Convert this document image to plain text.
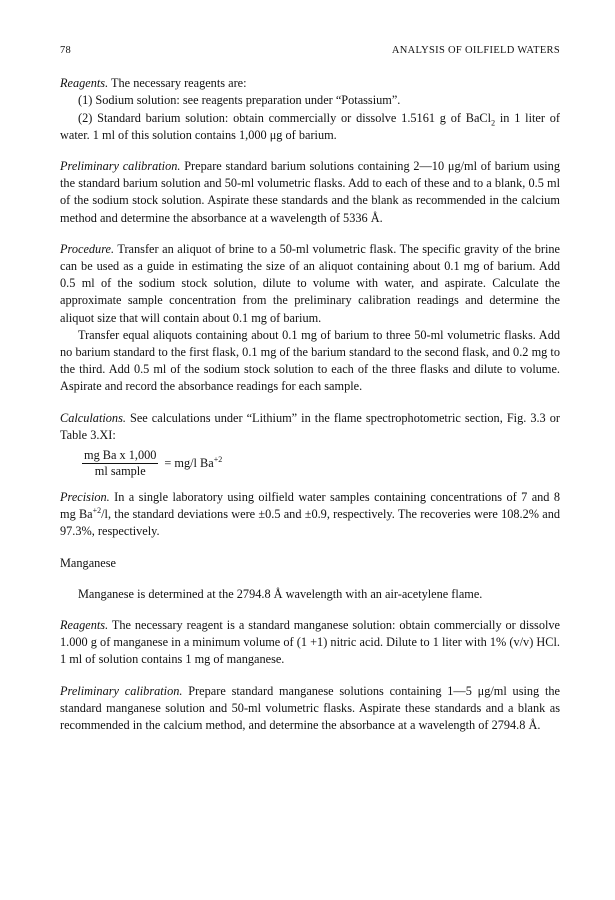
78	ANALYSIS OF OILFIELD WATERS

Reagents. The necessary reagents are:

(1) Sodium solution: see reagents preparation under “Potassium”.

(2) Standard barium solution: obtain commercially or dissolve 1.5161 g of BaCl$_2$ in 1 liter of water. 1 ml of this solution contains 1,000 μg of barium.

Preliminary calibration. Prepare standard barium solutions containing 2—10 μg/ml of barium using the standard barium solution and 50-ml volumetric flasks. Add to each of these and to a blank, 0.5 ml of the sodium stock solution. Aspirate these standards and the blank as recommended in the calcium method and determine the absorbance at a wavelength of 5336 Å.

Procedure. Transfer an aliquot of brine to a 50-ml volumetric flask. The specific gravity of the brine can be used as a guide in estimating the size of an aliquot containing about 0.1 mg of barium. Add 0.5 ml of the sodium stock solution, dilute to volume with water, and aspirate. Calculate the approximate sample concentration from the preliminary calibration readings and determine the aliquot size that will contain about 0.1 mg of barium.

Transfer equal aliquots containing about 0.1 mg of barium to three 50-ml volumetric flasks. Add no barium standard to the first flask, 0.1 mg of the barium standard to the second flask, and 0.2 mg to the third. Add 0.5 ml of the sodium stock solution to each of the three flasks and dilute to volume. Aspirate and record the absorbance readings for each sample.

Calculations. See calculations under “Lithium” in the flame spectrophotometric section, Fig. 3.3 or Table 3.XI:

$\frac{\text{mg Ba x 1,000}}{\text{ml sample}} = mg/l$ $Ba^{+2}$

Precision. In a single laboratory using oilfield water samples containing concentrations of 7 and 8 mg $Ba^{+2}/l$, the standard deviations were ±0.5 and ±0.9, respectively. The recoveries were 108.2% and 97.3%, respectively.

Manganese

Manganese is determined at the 2794.8 Å wavelength with an air-acetylene flame.

Reagents. The necessary reagent is a standard manganese solution: obtain commercially or dissolve 1.000 g of manganese in a minimum volume of (1 +1) nitric acid. Dilute to 1 liter with 1% (v/v) HCl. 1 ml of solution contains 1 mg of manganese.

Preliminary calibration. Prepare standard manganese solutions containing 1—5 μg/ml using the standard manganese solution and 50-ml volumetric flasks. Aspirate these standards and a blank as recommended in the calcium method, and determine the absorbance at a wavelength of 2794.8 Å.
